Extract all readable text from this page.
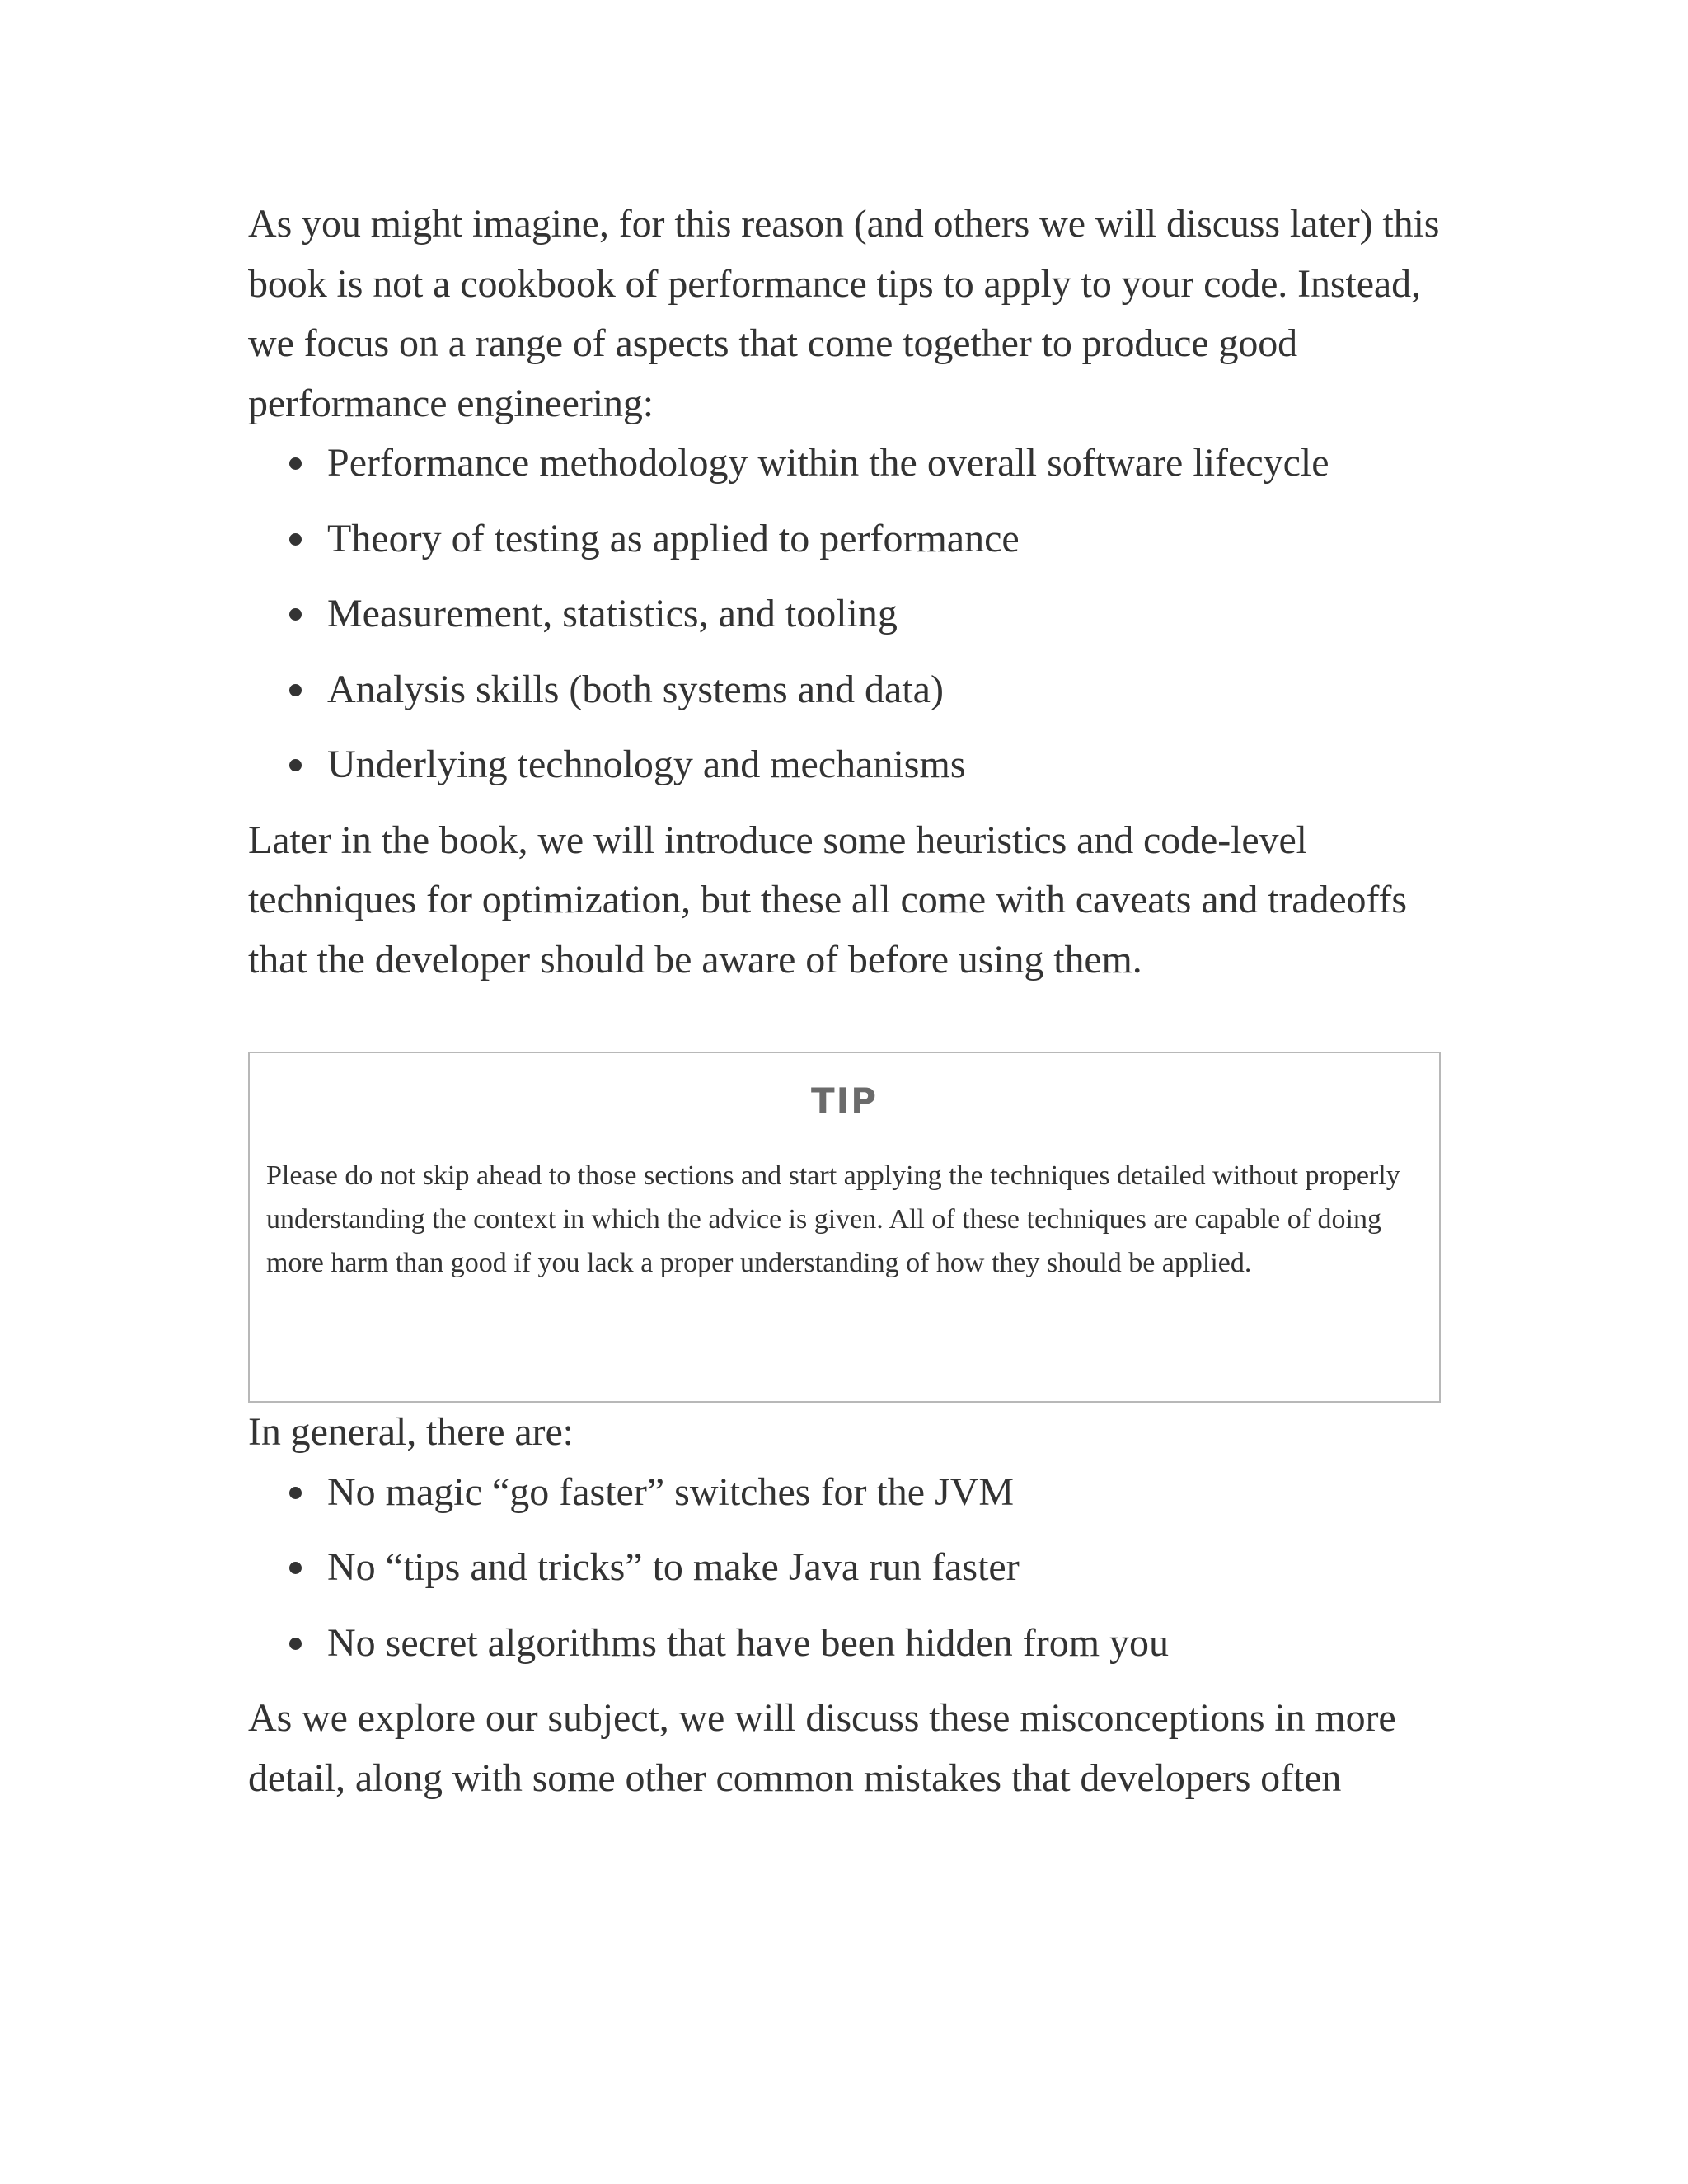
As you might imagine, for this reason (and others we will discuss later) this book is not a cookbook of performance tips to apply to your code. Instead, we focus on a range of aspects that come together to produce good performance engineering:

Performance methodology within the overall software lifecycle
Theory of testing as applied to performance
Measurement, statistics, and tooling
Analysis skills (both systems and data)
Underlying technology and mechanisms

Later in the book, we will introduce some heuristics and code-level techniques for optimization, but these all come with caveats and tradeoffs that the developer should be aware of before using them.

TIP

Please do not skip ahead to those sections and start applying the techniques detailed without properly understanding the context in which the advice is given. All of these techniques are capable of doing more harm than good if you lack a proper understanding of how they should be applied.

In general, there are:

No magic “go faster” switches for the JVM
No “tips and tricks” to make Java run faster
No secret algorithms that have been hidden from you

As we explore our subject, we will discuss these misconceptions in more detail, along with some other common mistakes that developers often
